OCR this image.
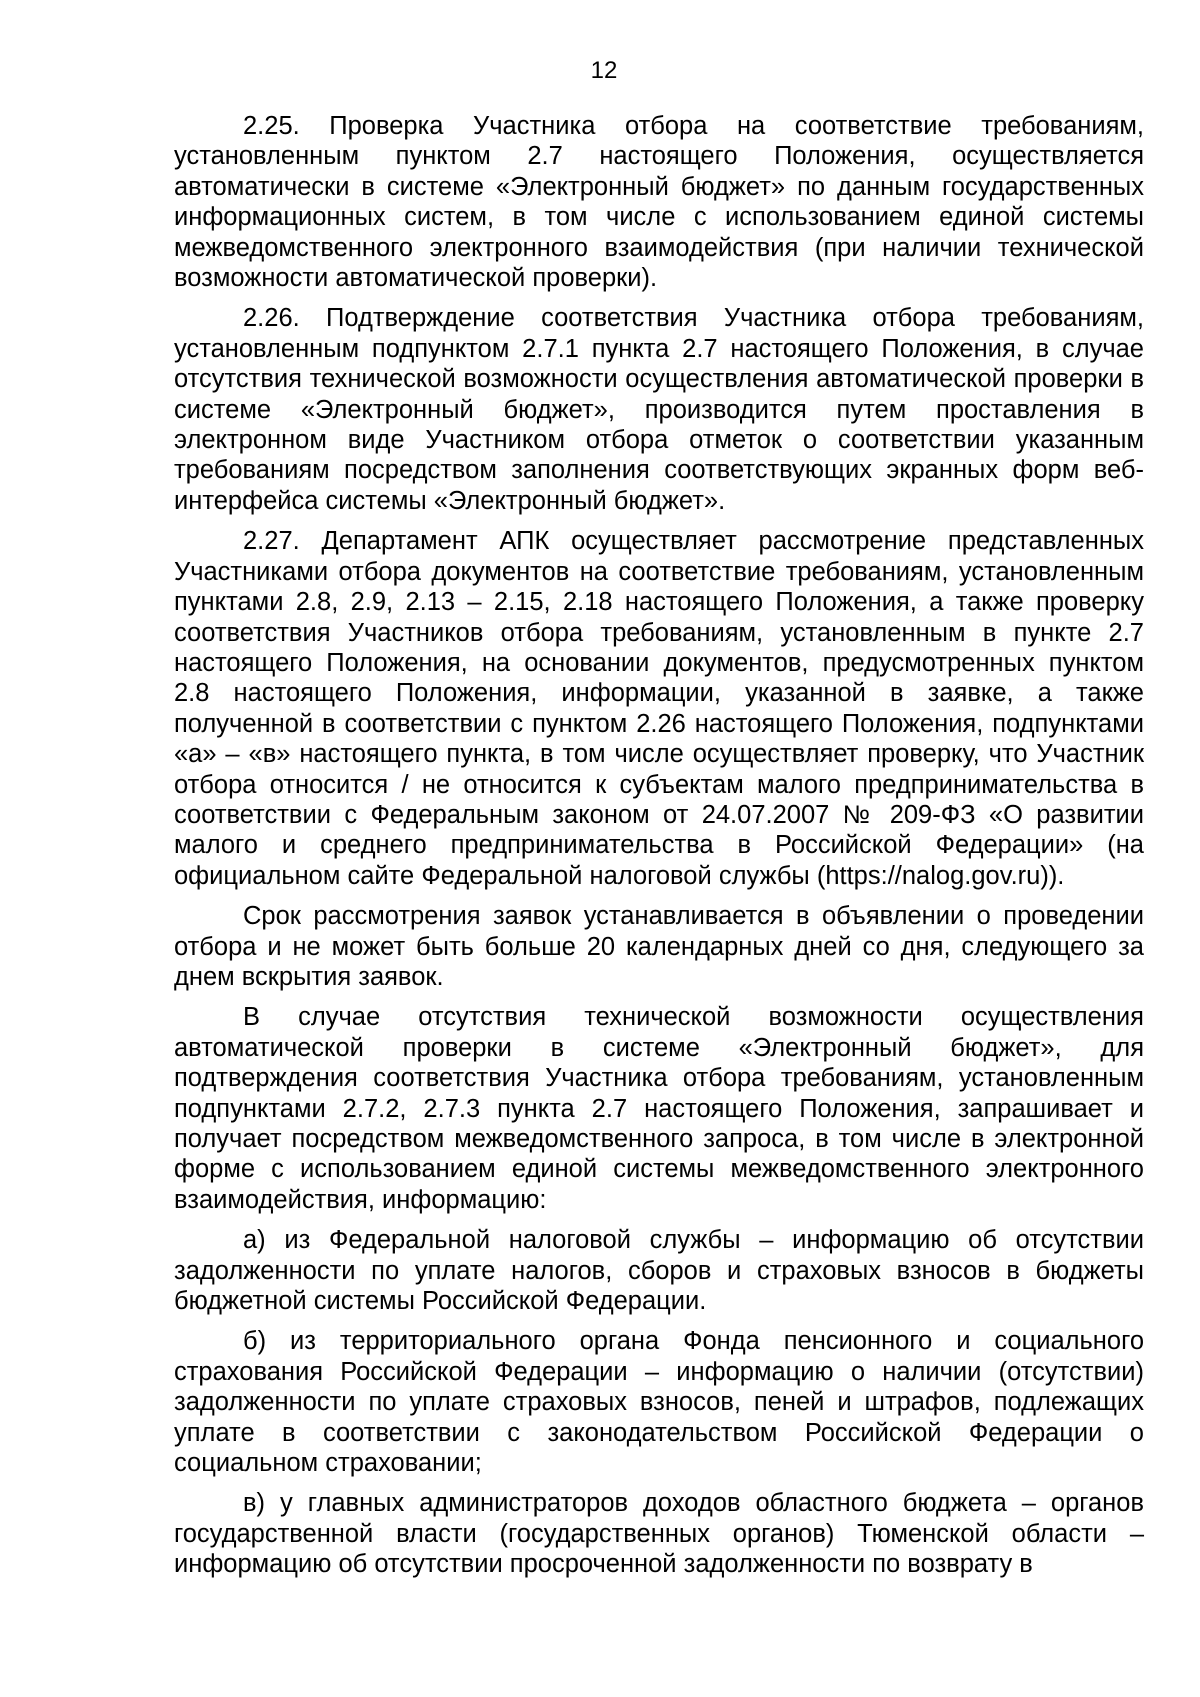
12

2.25. Проверка Участника отбора на соответствие требованиям, установленным пунктом 2.7 настоящего Положения, осуществляется автоматически в системе «Электронный бюджет» по данным государственных информационных систем, в том числе с использованием единой системы межведомственного электронного взаимодействия (при наличии технической возможности автоматической проверки).

2.26. Подтверждение соответствия Участника отбора требованиям, установленным подпунктом 2.7.1 пункта 2.7 настоящего Положения, в случае отсутствия технической возможности осуществления автоматической проверки в системе «Электронный бюджет», производится путем проставления в электронном виде Участником отбора отметок о соответствии указанным требованиям посредством заполнения соответствующих экранных форм веб-интерфейса системы «Электронный бюджет».

2.27. Департамент АПК осуществляет рассмотрение представленных Участниками отбора документов на соответствие требованиям, установленным пунктами 2.8, 2.9, 2.13 – 2.15, 2.18 настоящего Положения, а также проверку соответствия Участников отбора требованиям, установленным в пункте 2.7 настоящего Положения, на основании документов, предусмотренных пунктом 2.8 настоящего Положения, информации, указанной в заявке, а также полученной в соответствии с пунктом 2.26 настоящего Положения, подпунктами «а» – «в» настоящего пункта, в том числе осуществляет проверку, что Участник отбора относится / не относится к субъектам малого предпринимательства в соответствии с Федеральным законом от 24.07.2007 № 209-ФЗ «О развитии малого и среднего предпринимательства в Российской Федерации» (на официальном сайте Федеральной налоговой службы (https://nalog.gov.ru)).

Срок рассмотрения заявок устанавливается в объявлении о проведении отбора и не может быть больше 20 календарных дней со дня, следующего за днем вскрытия заявок.

В случае отсутствия технической возможности осуществления автоматической проверки в системе «Электронный бюджет», для подтверждения соответствия Участника отбора требованиям, установленным подпунктами 2.7.2, 2.7.3 пункта 2.7 настоящего Положения, запрашивает и получает посредством межведомственного запроса, в том числе в электронной форме с использованием единой системы межведомственного электронного взаимодействия, информацию:

а) из Федеральной налоговой службы – информацию об отсутствии задолженности по уплате налогов, сборов и страховых взносов в бюджеты бюджетной системы Российской Федерации.

б) из территориального органа Фонда пенсионного и социального страхования Российской Федерации – информацию о наличии (отсутствии) задолженности по уплате страховых взносов, пеней и штрафов, подлежащих уплате в соответствии с законодательством Российской Федерации о социальном страховании;

в) у главных администраторов доходов областного бюджета – органов государственной власти (государственных органов) Тюменской области – информацию об отсутствии просроченной задолженности по возврату в
